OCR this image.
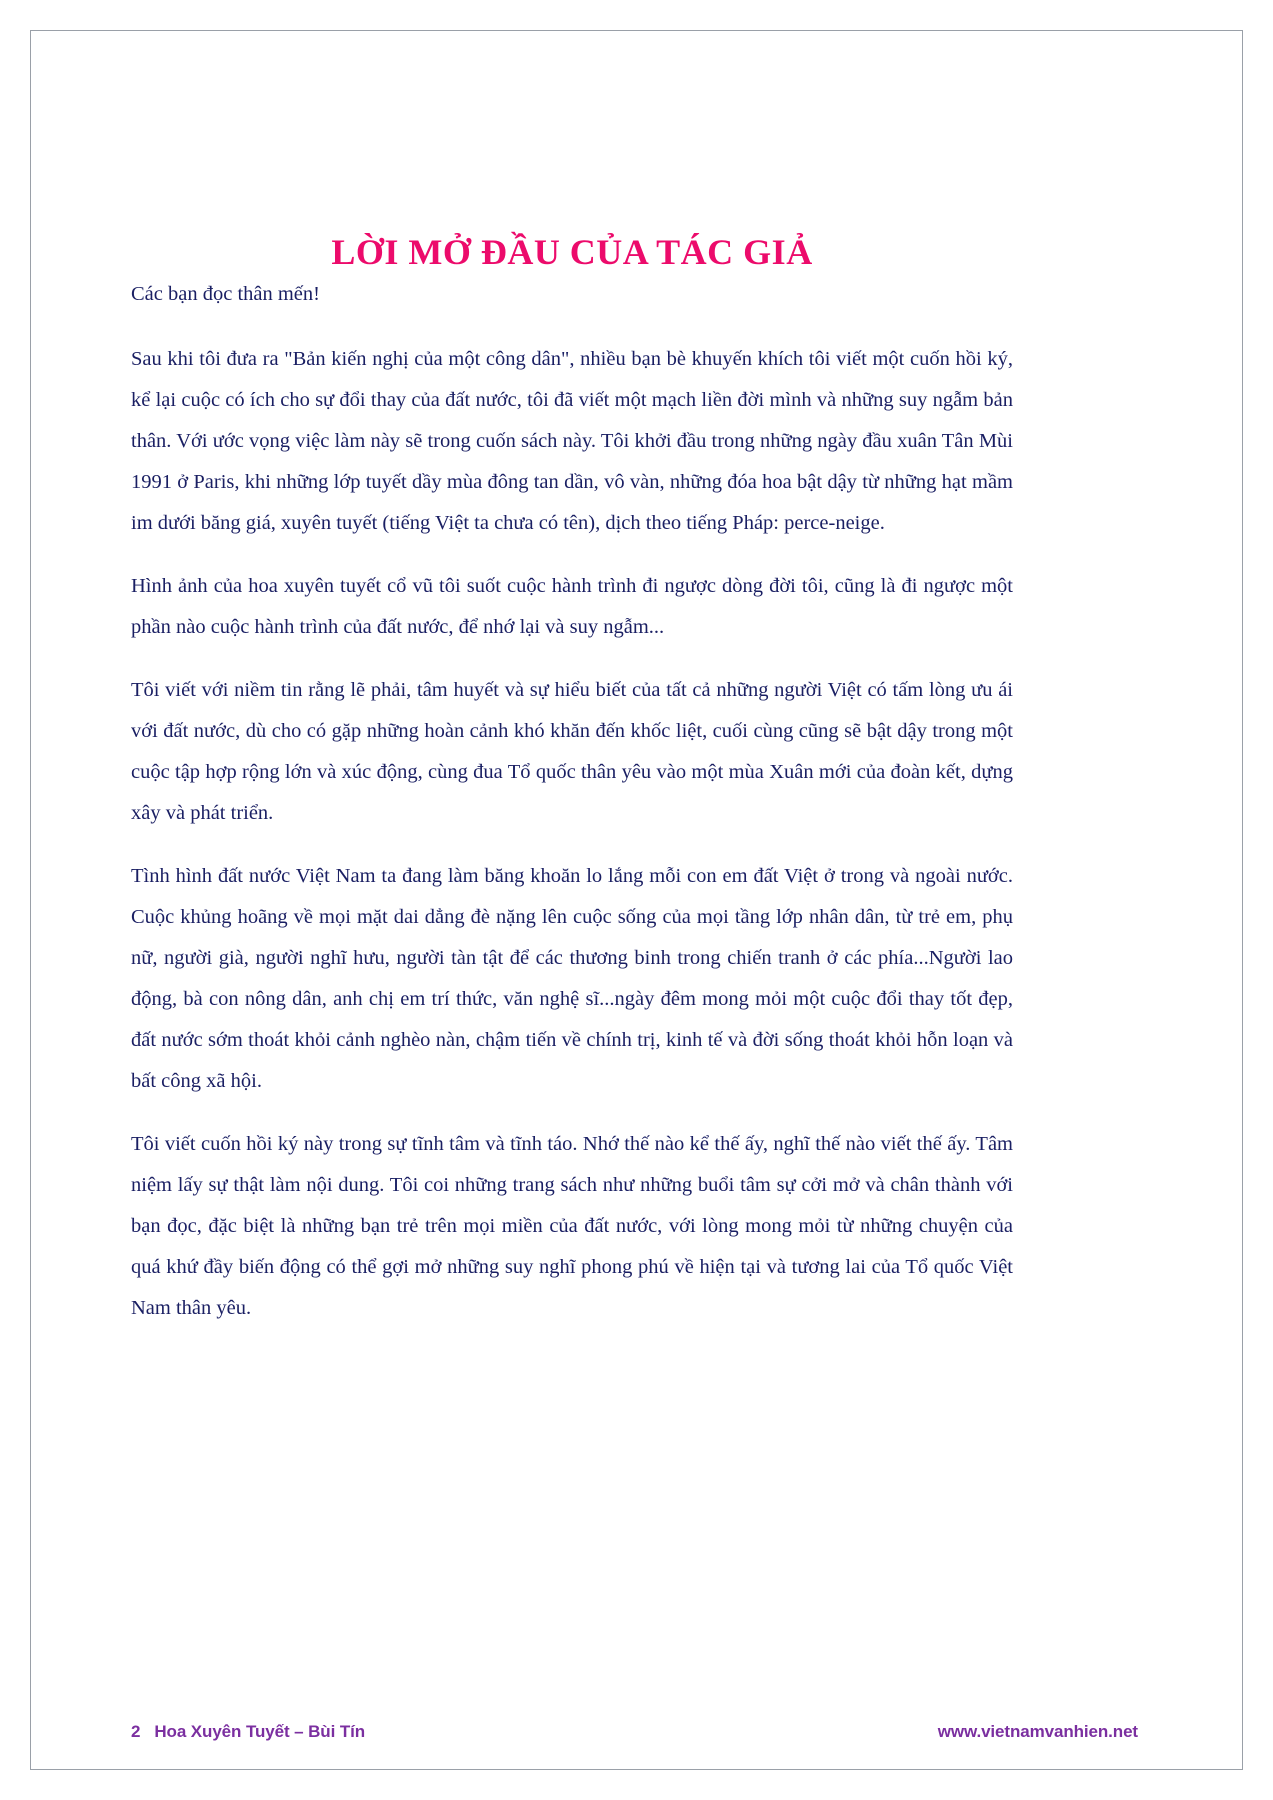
LỜI MỞ ĐẦU CỦA TÁC GIẢ

Các bạn đọc thân mến!

Sau khi tôi đưa ra "Bản kiến nghị của một công dân", nhiều bạn bè khuyến khích tôi viết một cuốn hồi ký, kể lại cuộc có ích cho sự đổi thay của đất nước, tôi đã viết một mạch liền đời mình và những suy ngẫm bản thân. Với ước vọng việc làm này sẽ trong cuốn sách này. Tôi khởi đầu trong những ngày đầu xuân Tân Mùi 1991 ở Paris, khi những lớp tuyết dầy mùa đông tan dần, vô vàn, những đóa hoa bật dậy từ những hạt mầm im dưới băng giá, xuyên tuyết (tiếng Việt ta chưa có tên), dịch theo tiếng Pháp: perce-neige.

Hình ảnh của hoa xuyên tuyết cổ vũ tôi suốt cuộc hành trình đi ngược dòng đời tôi, cũng là đi ngược một phần nào cuộc hành trình của đất nước, để nhớ lại và suy ngẫm...

Tôi viết với niềm tin rằng lẽ phải, tâm huyết và sự hiểu biết của tất cả những người Việt có tấm lòng ưu ái với đất nước, dù cho có gặp những hoàn cảnh khó khăn đến khốc liệt, cuối cùng cũng sẽ bật dậy trong một cuộc tập hợp rộng lớn và xúc động, cùng đua Tổ quốc thân yêu vào một mùa Xuân mới của đoàn kết, dựng xây và phát triển.

Tình hình đất nước Việt Nam ta đang làm băng khoăn lo lắng mỗi con em đất Việt ở trong và ngoài nước. Cuộc khủng hoãng về mọi mặt dai dẳng đè nặng lên cuộc sống của mọi tầng lớp nhân dân, từ trẻ em, phụ nữ, người già, người nghĩ hưu, người tàn tật để các thương binh trong chiến tranh ở các phía...Người lao động, bà con nông dân, anh chị em trí thức, văn nghệ sĩ...ngày đêm mong mỏi một cuộc đổi thay tốt đẹp, đất nước sớm thoát khỏi cảnh nghèo nàn, chậm tiến về chính trị, kinh tế và đời sống thoát khỏi hỗn loạn và bất công xã hội.

Tôi viết cuốn hồi ký này trong sự tĩnh tâm và tĩnh táo. Nhớ thế nào kể thế ấy, nghĩ thế nào viết thế ấy. Tâm niệm lấy sự thật làm nội dung. Tôi coi những trang sách như những buổi tâm sự cởi mở và chân thành với bạn đọc, đặc biệt là những bạn trẻ trên mọi miền của đất nước, với lòng mong mỏi từ những chuyện của quá khứ đầy biến động có thể gợi mở những suy nghĩ phong phú về hiện tại và tương lai của Tổ quốc Việt Nam thân yêu.

2 Hoa Xuyên Tuyết – Bùi Tín	www.vietnamvanhien.net
